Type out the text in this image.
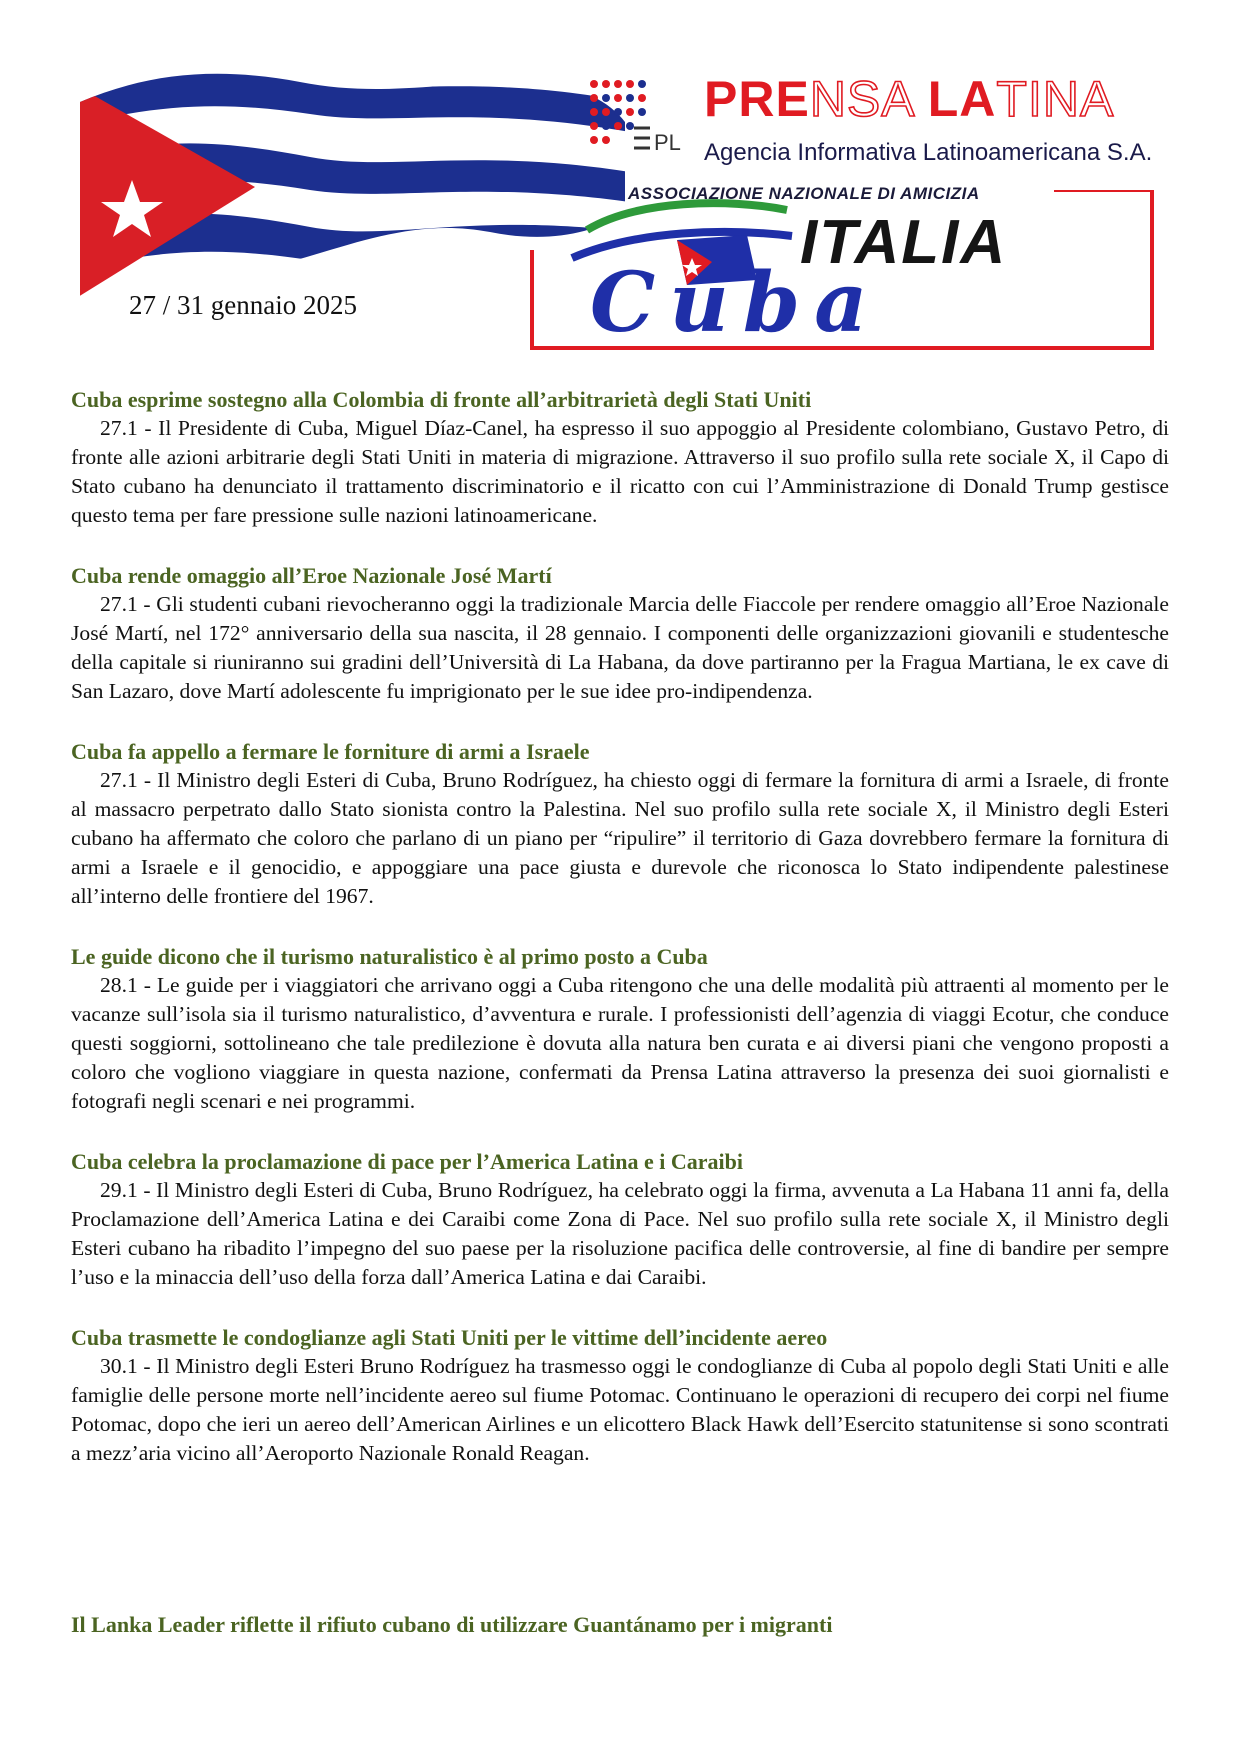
27 / 31 gennaio 2025
PL
PRENSA LATINA
Agencia Informativa Latinoamericana S.A.
ASSOCIAZIONE NAZIONALE DI AMICIZIA
ITALIA
Cuba
Cuba esprime sostegno alla Colombia di fronte all’arbitrarietà degli Stati Uniti
27.1 - Il Presidente di Cuba, Miguel Díaz-Canel, ha espresso il suo appoggio al Presidente colombiano, Gustavo Petro, di fronte alle azioni arbitrarie degli Stati Uniti in materia di migrazione. Attraverso il suo profilo sulla rete sociale X, il Capo di Stato cubano ha denunciato il trattamento discriminatorio e il ricatto con cui l’Amministrazione di Donald Trump gestisce questo tema per fare pressione sulle nazioni latinoamericane.
Cuba rende omaggio all’Eroe Nazionale José Martí
27.1 - Gli studenti cubani rievocheranno oggi la tradizionale Marcia delle Fiaccole per rendere omaggio all’Eroe Nazionale José Martí, nel 172° anniversario della sua nascita, il 28 gennaio. I componenti delle organizzazioni giovanili e studentesche della capitale si riuniranno sui gradini dell’Università di La Habana, da dove partiranno per la Fragua Martiana, le ex cave di San Lazaro, dove Martí adolescente fu imprigionato per le sue idee pro-indipendenza.
Cuba fa appello a fermare le forniture di armi a Israele
27.1 - Il Ministro degli Esteri di Cuba, Bruno Rodríguez, ha chiesto oggi di fermare la fornitura di armi a Israele, di fronte al massacro perpetrato dallo Stato sionista contro la Palestina. Nel suo profilo sulla rete sociale X, il Ministro degli Esteri cubano ha affermato che coloro che parlano di un piano per “ripulire” il territorio di Gaza dovrebbero fermare la fornitura di armi a Israele e il genocidio, e appoggiare una pace giusta e durevole che riconosca lo Stato indipendente palestinese all’interno delle frontiere del 1967.
Le guide dicono che il turismo naturalistico è al primo posto a Cuba
28.1 - Le guide per i viaggiatori che arrivano oggi a Cuba ritengono che una delle modalità più attraenti al momento per le vacanze sull’isola sia il turismo naturalistico, d’avventura e rurale. I professionisti dell’agenzia di viaggi Ecotur, che conduce questi soggiorni, sottolineano che tale predilezione è dovuta alla natura ben curata e ai diversi piani che vengono proposti a coloro che vogliono viaggiare in questa nazione, confermati da Prensa Latina attraverso la presenza dei suoi giornalisti e fotografi negli scenari e nei programmi.
Cuba celebra la proclamazione di pace per l’America Latina e i Caraibi
29.1 - Il Ministro degli Esteri di Cuba, Bruno Rodríguez, ha celebrato oggi la firma, avvenuta a La Habana 11 anni fa, della Proclamazione dell’America Latina e dei Caraibi come Zona di Pace. Nel suo profilo sulla rete sociale X, il Ministro degli Esteri cubano ha ribadito l’impegno del suo paese per la risoluzione pacifica delle controversie, al fine di bandire per sempre l’uso e la minaccia dell’uso della forza dall’America Latina e dai Caraibi.
Cuba trasmette le condoglianze agli Stati Uniti per le vittime dell’incidente aereo
30.1 - Il Ministro degli Esteri Bruno Rodríguez ha trasmesso oggi le condoglianze di Cuba al popolo degli Stati Uniti e alle famiglie delle persone morte nell’incidente aereo sul fiume Potomac. Continuano le operazioni di recupero dei corpi nel fiume Potomac, dopo che ieri un aereo dell’American Airlines e un elicottero Black Hawk dell’Esercito statunitense si sono scontrati a mezz’aria vicino all’Aeroporto Nazionale Ronald Reagan.
Il Lanka Leader riflette il rifiuto cubano di utilizzare Guantánamo per i migranti
